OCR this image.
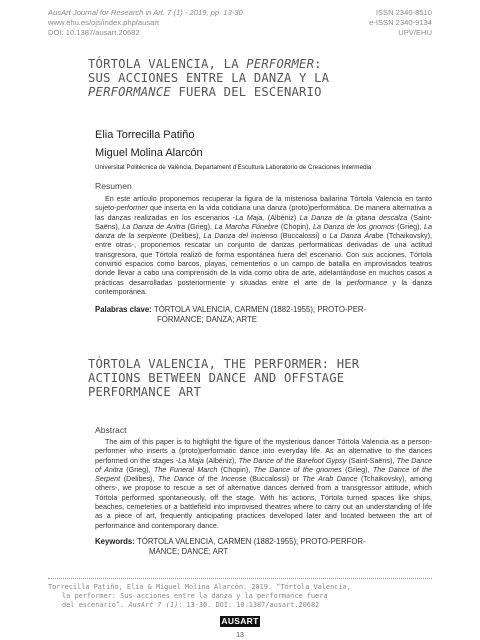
AusArt Journal for Research in Art. 7 (1) - 2019, pp. 13-30
www.ehu.es/ojs/index.php/ausart
DOI: 10.1387/ausart.20682
ISSN 2340-8510
e-ISSN 2340-9134
UPV/EHU
TÓRTOLA VALENCIA, LA PERFORMER:
SUS ACCIONES ENTRE LA DANZA Y LA
PERFORMANCE FUERA DEL ESCENARIO
Elia Torrecilla Patiño
Miguel Molina Alarcón
Universitat Politècnica de València, Departament d’Escultura Laboratorio de Creaciones Intermedia
Resumen

En este artículo proponemos recuperar la figura de la misteriosa bailarina Tórtola Valencia en tanto sujeto-performer que inserta en la vida cotidiana una danza (proto)performática. De manera alternativa a las danzas realizadas en los escenarios -La Maja, (Albéniz) La Danza de la gitana descalza (Saint-Saëns), La Danza de Anitra (Grieg), La Marcha Fúnebre (Chopin), La Danza de los gnomos (Grieg), La danza de la serpiente (Delibes), La Danza del incienso (Buccalossi) o La Danza Árabe (Tchaikovsky), entre otras-, proponemos rescatar un conjunto de danzas performáticas derivadas de una actitud transgresora, que Tórtola realizó de forma espontánea fuera del escenario. Con sus acciones, Tórtola convirtió espacios como barcos, playas, cementerios o un campo de batalla en improvisados teatros donde llevar a cabo una comprensión de la vida como obra de arte, adelantándose en muchos casos a prácticas desarrolladas posteriormente y situadas entre el arte de la performance y la danza contemporánea.

Palabras clave: TÓRTOLA VALENCIA, CARMEN (1882-1955); PROTO-PER-
FORMANCE; DANZA; ARTE
TÓRTOLA VALENCIA, THE PERFORMER: HER
ACTIONS BETWEEN DANCE AND OFFSTAGE
PERFORMANCE ART
Abstract

The aim of this paper is to highlight the figure of the mysterious dancer Tórtola Valencia as a person-performer who inserts a (proto)performatic dance into everyday life. As an alternative to the dances performed on the stages -La Maja (Albéniz), The Dance of the Barefoot Gypsy (Saint-Saëns), The Dance of Anitra (Grieg), The Funeral March (Chopin), The Dance of the gnomes (Grieg), The Dance of the Serpent (Delibes), The Dance of the Incense (Buccalossi) or The Arab Dance (Tchaikovsky), among others-, we propose to rescue a set of alternative dances derived from a transgressor attitude, which Tórtola performed spontaneously, off the stage. With his actions, Tórtola turned spaces like ships, beaches, cemeteries or a battlefield into improvised theatres where to carry out an understanding of life as a piece of art, frequently anticipating practices developed later and located between the art of performance and contemporary dance.

Keywords: TÓRTOLA VALENCIA, CARMEN (1882-1955); PROTO-PERFOR-
MANCE; DANCE; ART
Torrecilla Patiño, Elia & Miguel Molina Alarcón. 2019. “Tórtola Valencia,
la performer: Sus acciones entre la danza y la performance fuera
del escenario”. AusArt 7 (1): 13-30. DOI: 10.1387/ausart.20682
AUSART
13
